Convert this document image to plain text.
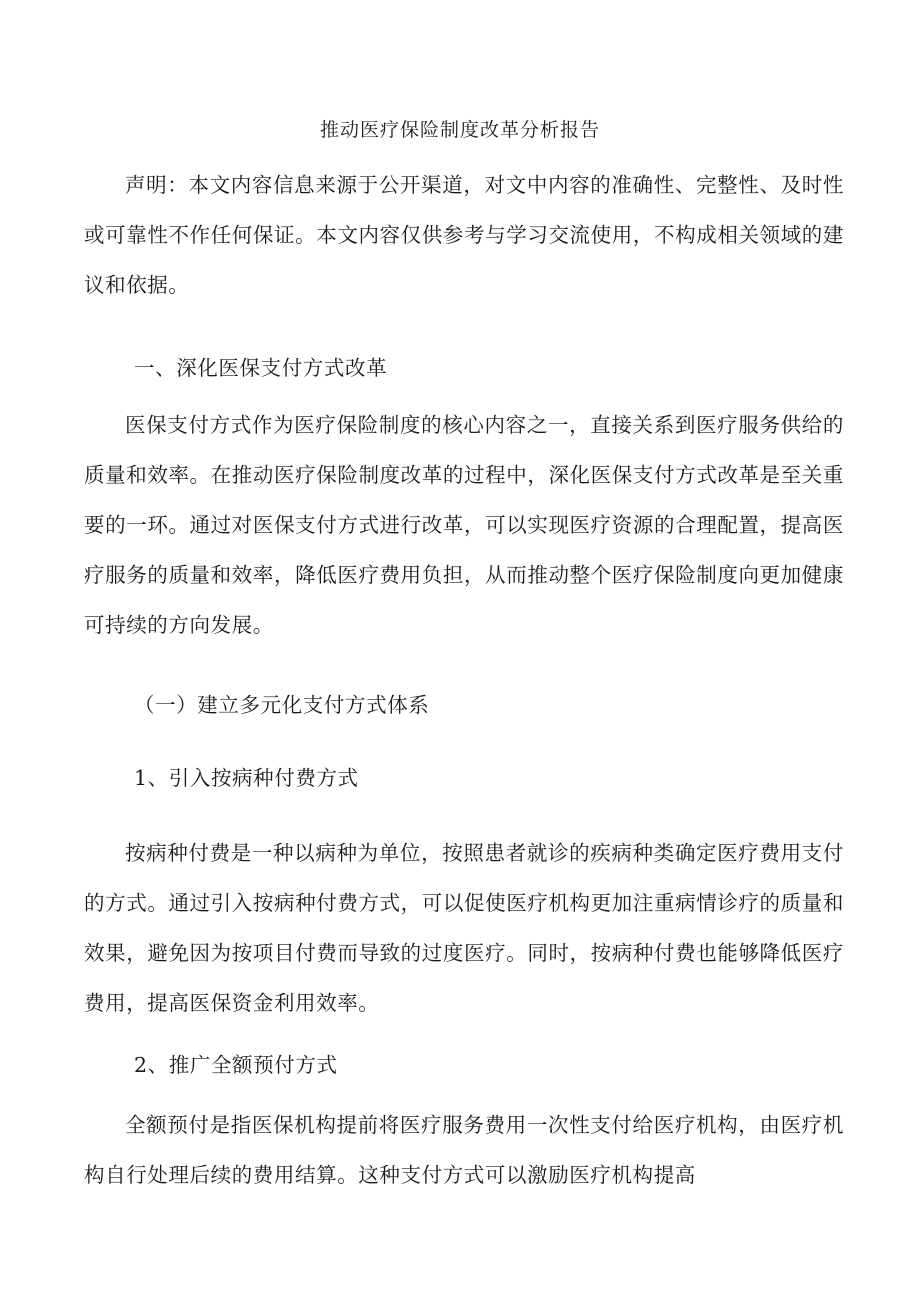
推动医疗保险制度改革分析报告

声明：本文内容信息来源于公开渠道，对文中内容的准确性、完整性、及时性或可靠性不作任何保证。本文内容仅供参考与学习交流使用，不构成相关领域的建议和依据。

一、深化医保支付方式改革

医保支付方式作为医疗保险制度的核心内容之一，直接关系到医疗服务供给的质量和效率。在推动医疗保险制度改革的过程中，深化医保支付方式改革是至关重要的一环。通过对医保支付方式进行改革，可以实现医疗资源的合理配置，提高医疗服务的质量和效率，降低医疗费用负担，从而推动整个医疗保险制度向更加健康可持续的方向发展。

（一）建立多元化支付方式体系
1、引入按病种付费方式

按病种付费是一种以病种为单位，按照患者就诊的疾病种类确定医疗费用支付的方式。通过引入按病种付费方式，可以促使医疗机构更加注重病情诊疗的质量和效果，避免因为按项目付费而导致的过度医疗。同时，按病种付费也能够降低医疗费用，提高医保资金利用效率。

2、推广全额预付方式

全额预付是指医保机构提前将医疗服务费用一次性支付给医疗机构，由医疗机构自行处理后续的费用结算。这种支付方式可以激励医疗机构提高
